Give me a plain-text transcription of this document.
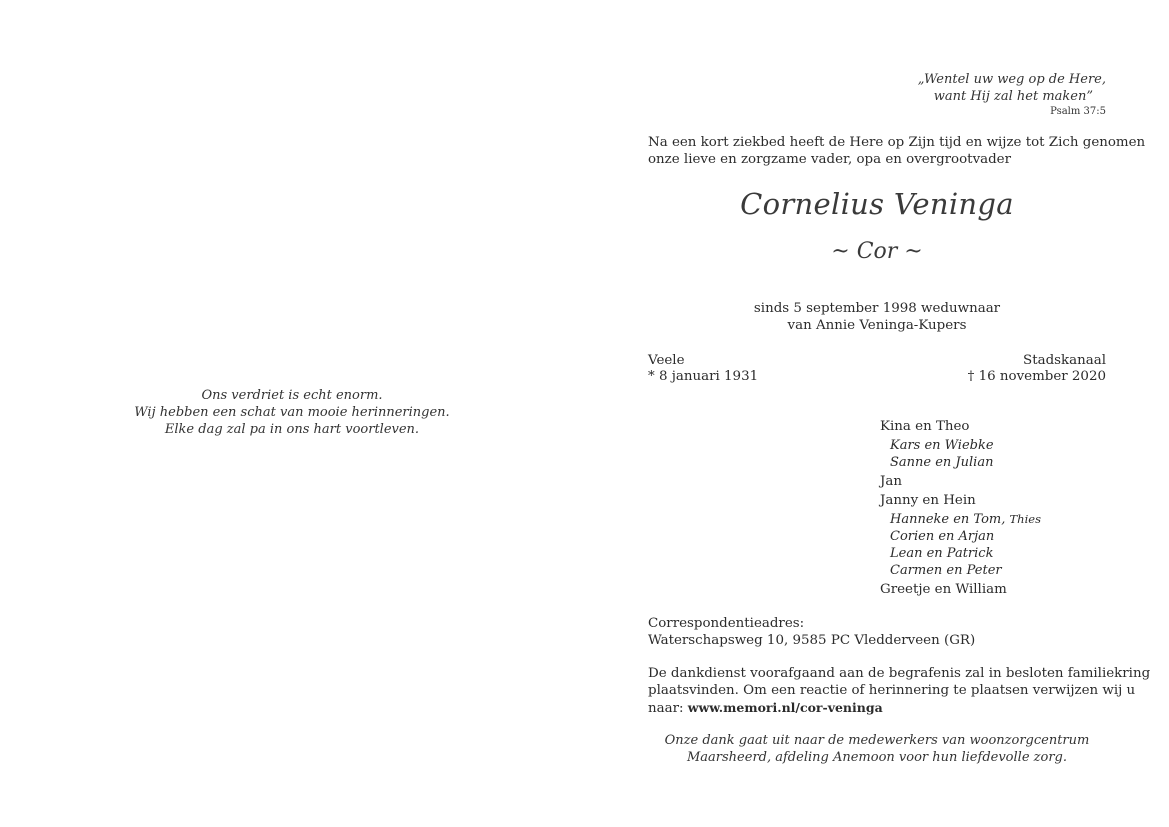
Ons verdriet is echt enorm.
Wij hebben een schat van mooie herinneringen.
Elke dag zal pa in ons hart voortleven.
„Wentel uw weg op de Here,
want Hij zal het maken”
Psalm 37:5
Na een kort ziekbed heeft de Here op Zijn tijd en wijze tot Zich genomen
onze lieve en zorgzame vader, opa en overgrootvader
Cornelius Veninga
~ Cor ~
sinds 5 september 1998 weduwnaar
van Annie Veninga-Kupers
Veele
* 8 januari 1931
Stadskanaal
† 16 november 2020
Kina en Theo
Kars en Wiebke
Sanne en Julian
Jan
Janny en Hein
Hanneke en Tom, Thies
Corien en Arjan
Lean en Patrick
Carmen en Peter
Greetje en William
Correspondentieadres:
Waterschapsweg 10, 9585 PC Vledderveen (GR)
De dankdienst voorafgaand aan de begrafenis zal in besloten familiekring
plaatsvinden. Om een reactie of herinnering te plaatsen verwijzen wij u
naar: www.memori.nl/cor-veninga
Onze dank gaat uit naar de medewerkers van woonzorgcentrum
Maarsheerd, afdeling Anemoon voor hun liefdevolle zorg.
